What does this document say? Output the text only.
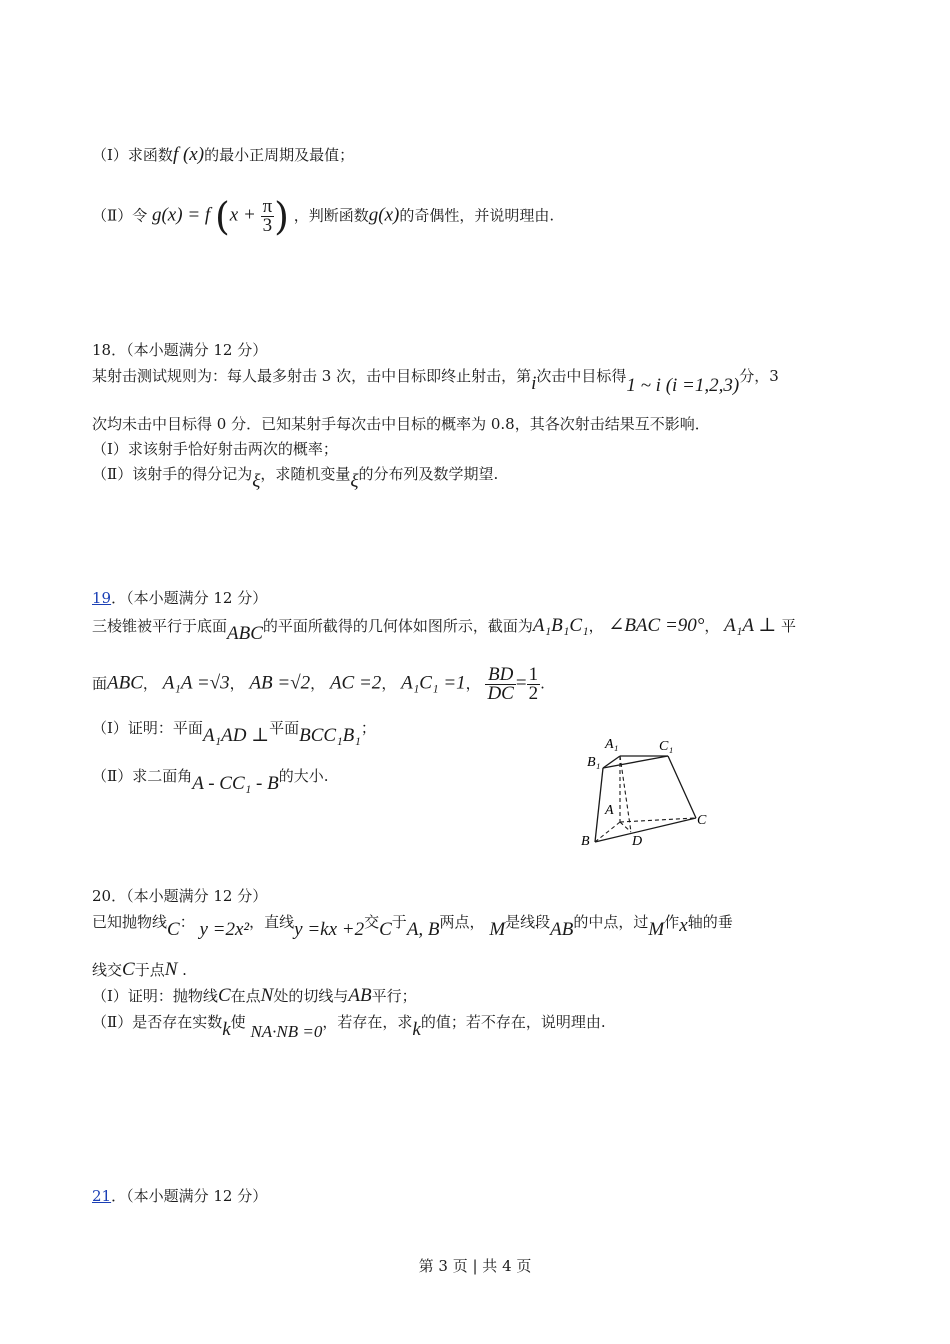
（Ⅰ）求函数f (x)的最小正周期及最值；
（Ⅱ）令 g(x) = f ($x + \frac{\pi}{3}$ ) ，判断函数g(x)的奇偶性，并说明理由.
18．（本小题满分 12 分）
某射击测试规则为：每人最多射击 3 次，击中目标即终止射击，第i次击中目标得1 ~ i (i =1,2,3)分，3
次均未击中目标得 0 分．已知某射手每次击中目标的概率为 0.8，其各次射击结果互不影响．
（Ⅰ）求该射手恰好射击两次的概率；
（Ⅱ）该射手的得分记为ξ，求随机变量ξ的分布列及数学期望.
19．（本小题满分 12 分）
三棱锥被平行于底面ABC的平面所截得的几何体如图所示，截面为A₁B₁C₁， ∠BAC =90°， A₁A ⊥ 平
面ABC， A₁A =√3， AB =√2， AC =2， A₁C₁ =1， $\frac{BD}{DC} = \frac{1}{2}$ .
（Ⅰ）证明：平面A₁AD ⊥平面BCC₁B₁；
（Ⅱ）求二面角A - CC₁ - B的大小.
A₁	C₁
B₁
A
C
B	D
20．（本小题满分 12 分）
已知抛物线C： y =2x²，直线y =kx +2交C于A, B两点， M是线段AB的中点，过M作x轴的垂
线交C于点N .
（Ⅰ）证明：抛物线C在点N处的切线与AB平行；
（Ⅱ）是否存在实数k使 NA·NB =0，若存在，求k的值；若不存在，说明理由.
21．（本小题满分 12 分）
第 3 页 | 共 4 页
